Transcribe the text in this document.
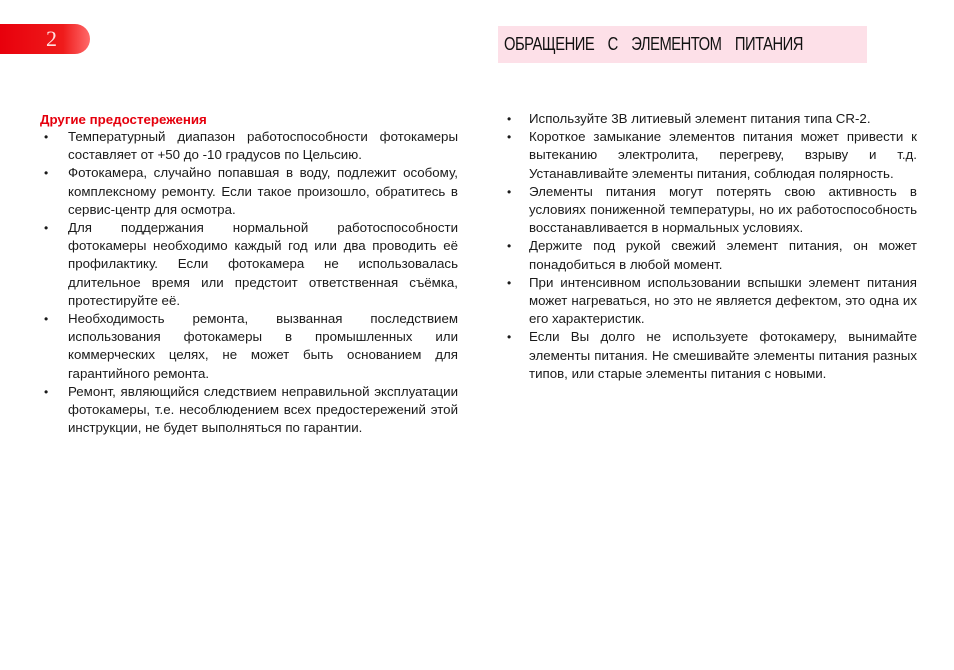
2	ОБРАЩЕНИЕ С ЭЛЕМЕНТОМ ПИТАНИЯ

Другие предостережения

• Температурный диапазон работоспособности фотокамеры составляет от +50 до -10 градусов по Цельсию.
• Фотокамера, случайно попавшая в воду, подлежит особому, комплексному ремонту. Если такое произошло, обратитесь в сервис-центр для осмотра.
• Для поддержания нормальной работоспособности фотокамеры необходимо каждый год или два проводить её профилактику. Если фотокамера не использовалась длительное время или предстоит ответственная съёмка, протестируйте её.
• Необходимость ремонта, вызванная последствием использования фотокамеры в промышленных или коммерческих целях, не может быть основанием для гарантийного ремонта.
• Ремонт, являющийся следствием неправильной эксплуатации фотокамеры, т.е. несоблюдением всех предостережений этой инструкции, не будет выполняться по гарантии.
• Используйте 3В литиевый элемент питания типа CR-2.
• Короткое замыкание элементов питания может привести к вытеканию электролита, перегреву, взрыву и т.д. Устанавливайте элементы питания, соблюдая полярность.
• Элементы питания могут потерять свою активность в условиях пониженной температуры, но их работоспособность восстанавливается в нормальных условиях.
• Держите под рукой свежий элемент питания, он может понадобиться в любой момент.
• При интенсивном использовании вспышки элемент питания может нагреваться, но это не является дефектом, это одна их его характеристик.
• Если Вы долго не используете фотокамеру, вынимайте элементы питания. Не смешивайте элементы питания разных типов, или старые элементы питания с новыми.
